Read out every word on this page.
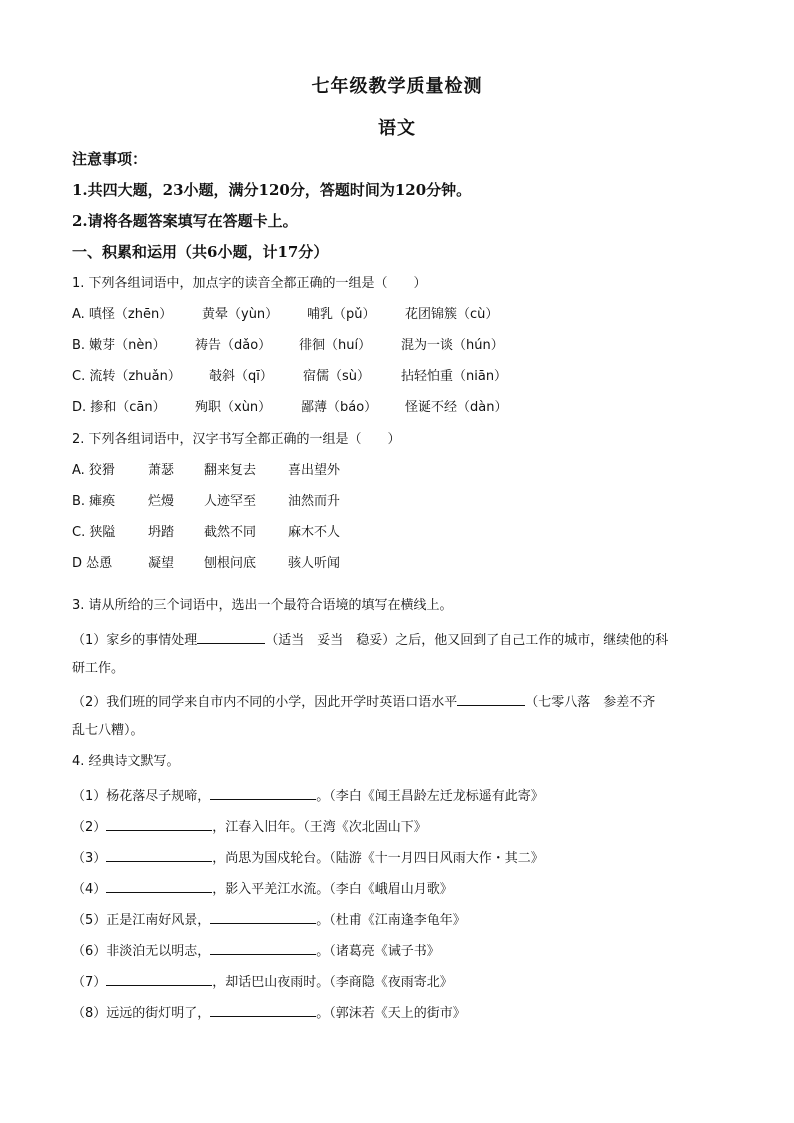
七年级教学质量检测
语文
注意事项：
1.共四大题，23小题，满分120分，答题时间为120分钟。
2.请将各题答案填写在答题卡上。
一、积累和运用（共6小题，计17分）
1. 下列各组词语中，加点字的读音全都正确的一组是（　　）
A. 嗔怪（zhēn） 黄晕（yùn） 哺乳（pǔ） 花团锦簇（cù）
B. 嫩芽（nèn） 祷告（dǎo） 徘徊（huí） 混为一谈（hún）
C. 流转（zhuǎn） 攲斜（qī） 宿儒（sù） 拈轻怕重（niān）
D. 掺和（cān） 殉职（xùn） 鄙薄（báo） 怪诞不经（dàn）
2. 下列各组词语中，汉字书写全都正确的一组是（　　）
A. 狡猾	萧瑟 翻来复去 喜出望外
B. 瘫痪	烂熳 人迹罕至 油然而升
C. 狭隘	坍踏 截然不同 麻木不人
D 怂恿	凝望 刨根问底 骇人听闻
3. 请从所给的三个词语中，选出一个最符合语境的填写在横线上。
（1）家乡的事情处理	（适当　妥当　稳妥）之后，他又回到了自己工作的城市，继续他的科
研工作。
（2）我们班的同学来自市内不同的小学，因此开学时英语口语水平	（七零八落　参差不齐
乱七八糟）。
4. 经典诗文默写。
（1）杨花落尽子规啼，	。（李白《闻王昌龄左迁龙标遥有此寄》
（2）	，江春入旧年。（王湾《次北固山下》
（3）	，尚思为国戍轮台。（陆游《十一月四日风雨大作・其二》
（4）	，影入平羌江水流。（李白《峨眉山月歌》
（5）正是江南好风景，	。（杜甫《江南逢李龟年》
（6）非淡泊无以明志，	。（诸葛亮《诫子书》
（7）	，却话巴山夜雨时。（李商隐《夜雨寄北》
（8）远远的街灯明了，	。（郭沫若《天上的街市》
